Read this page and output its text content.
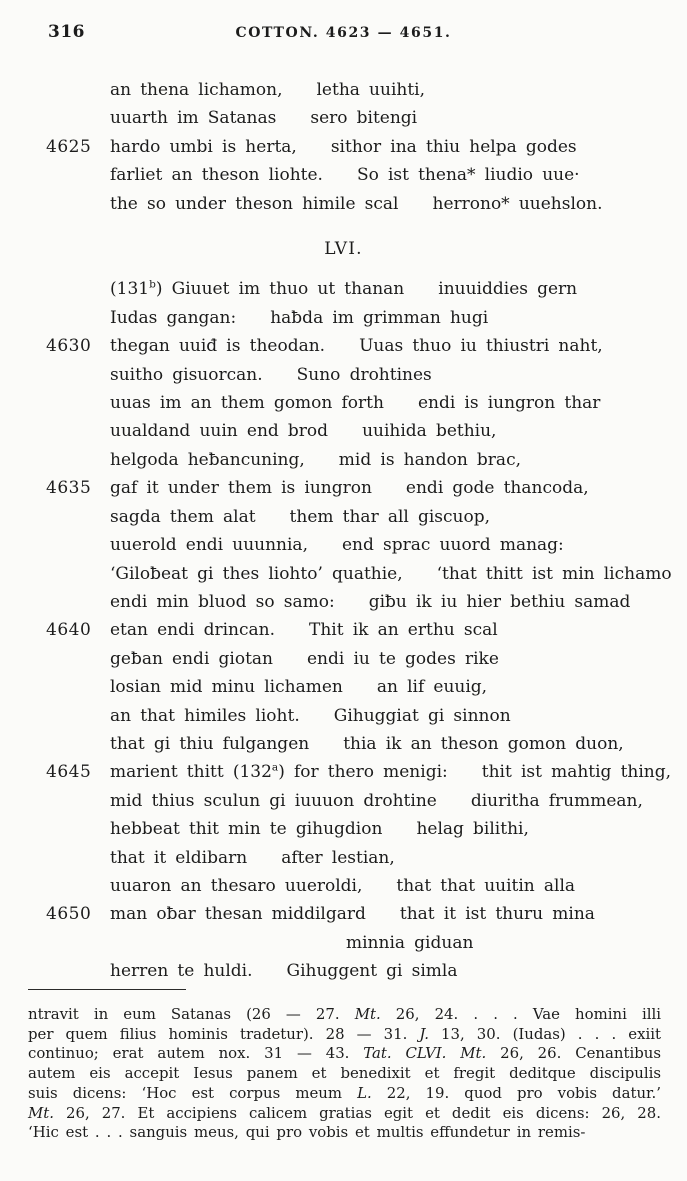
316	COTTON. 4623 — 4651.
an thena lichamon, letha uuihti,
uuarth im Satanas sero bitengi
4625	hardo umbi is herta, sithor ina thiu helpa godes
farliet an theson liohte. So ist thena* liudio uue·
the so under theson himile scal herrono* uuehslon.
LVI.
(131$^b$) Giuuet im thuo ut thanan inuuiddies gern
Iudas gangan: haƀda im grimman hugi
4630	thegan uuiđ is theodan. Uuas thuo iu thiustri naht,
suitho gisuorcan. Suno drohtines
uuas im an them gomon forth endi is iungron thar
uualdand uuin end brod uuihida bethiu,
helgoda heƀancuning, mid is handon brac,
4635	gaf it under them is iungron endi gode thancoda,
sagda them alat them thar all giscuop,
uuerold endi uuunnia, end sprac uuord manag:
‘Giloƀeat gi thes liohto’ quathie, ‘that thitt ist min lichamo
endi min bluod so samo: giƀu ik iu hier bethiu samad
4640	etan endi drincan. Thit ik an erthu scal
geƀan endi giotan endi iu te godes rike
losian mid minu lichamen an lif euuig,
an that himiles lioht. Gihuggiat gi sinnon
that gi thiu fulgangen thia ik an theson gomon duon,
4645	marient thitt (132$^a$) for thero menigi: thit ist mahtig thing,
mid thius sculun gi iuuuon drohtine diuritha frummean,
hebbeat thit min te gihugdion helag bilithi,
that it eldibarn after lestian,
uuaron an thesaro uueroldi, that that uuitin alla
4650	man oƀar thesan middilgard that it ist thuru mina
minnia giduan
herren te huldi. Gihuggent gi simla
ntravit in eum Satanas (26 — 27. Mt. 26, 24. . . . Vae homini illi
per quem filius hominis tradetur). 28 — 31. J. 13, 30. (Iudas) . . . exiit
continuo; erat autem nox. 31 — 43. Tat. CLVI. Mt. 26, 26. Cenantibus
autem eis accepit Iesus panem et benedixit et fregit deditque discipulis
suis dicens: ‘Hoc est corpus meum L. 22, 19. quod pro vobis datur.’
Mt. 26, 27. Et accipiens calicem gratias egit et dedit eis dicens: 26, 28.
‘Hic est . . . sanguis meus, qui pro vobis et multis effundetur in remis-
